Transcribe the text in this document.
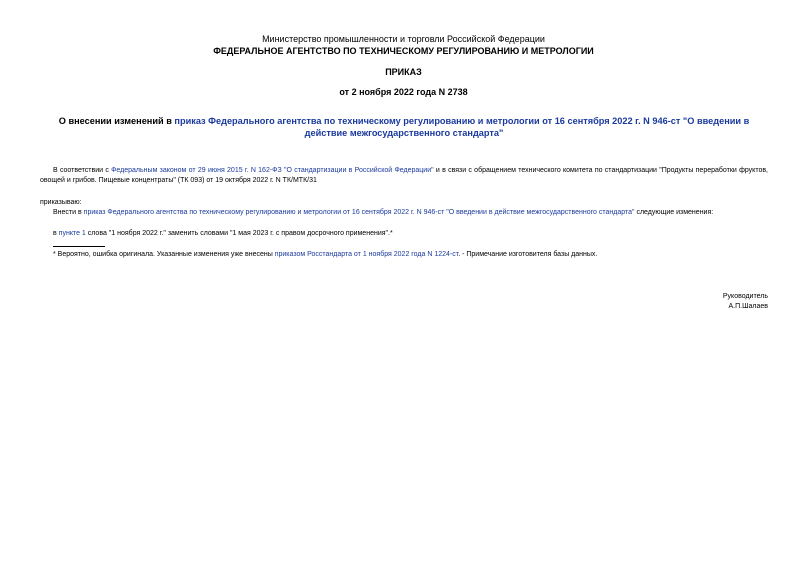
Министерство промышленности и торговли Российской Федерации
ФЕДЕРАЛЬНОЕ АГЕНТСТВО ПО ТЕХНИЧЕСКОМУ РЕГУЛИРОВАНИЮ И МЕТРОЛОГИИ
ПРИКАЗ
от 2 ноября 2022 года N 2738
О внесении изменений в приказ Федерального агентства по техническому регулированию и метрологии от 16 сентября 2022 г. N 946-ст "О введении в действие межгосударственного стандарта"
В соответствии с Федеральным законом от 29 июня 2015 г. N 162-ФЗ "О стандартизации в Российской Федерации" и в связи с обращением технического комитета по стандартизации "Продукты переработки фруктов, овощей и грибов. Пищевые концентраты" (ТК 093) от 19 октября 2022 г. N ТК/МТК/31
приказываю:
Внести в приказ Федерального агентства по техническому регулированию и метрологии от 16 сентября 2022 г. N 946-ст "О введении в действие межгосударственного стандарта" следующие изменения:
в пункте 1 слова "1 ноября 2022 г." заменить словами "1 мая 2023 г. с правом досрочного применения".*
* Вероятно, ошибка оригинала. Указанные изменения уже внесены приказом Росстандарта от 1 ноября 2022 года N 1224-ст. - Примечание изготовителя базы данных.
Руководитель
А.П.Шалаев
